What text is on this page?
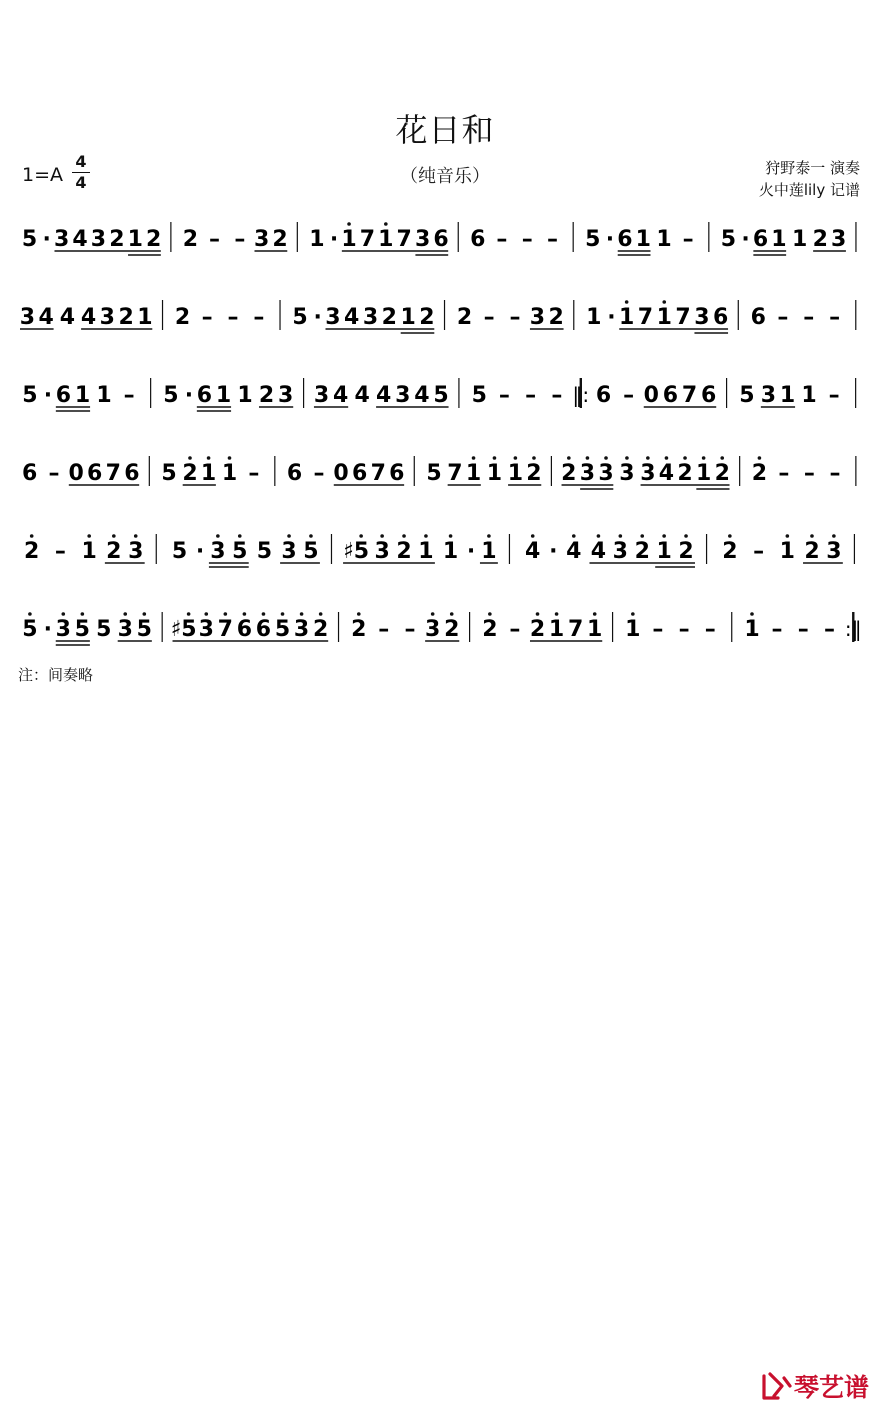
花日和
（纯音乐）
1=A
4
4
狩野泰一 演奏
火中莲lily 记谱
5 · 3 4 3 2 1 2 2 – – 3 2 1 · 1 7 1 7 3 6 6 – – – 5 · 6 1 1 – 5 · 6 1 1 2 3
3 4 4 4 3 2 1 2 – – – 5 · 3 4 3 2 1 2 2 – – 3 2 1 · 1 7 1 7 3 6 6 – – –
5 · 6 1 1 – 5 · 6 1 1 2 3 3 4 4 4 3 4 5 5 – – – ‖: 6 – 0 6 7 6 5 3 1 1 –
6 – 0 6 7 6 5 2 1 1 – 6 – 0 6 7 6 5 7 1 1 1 2 2 3 3 3 3 4 2 1 2 2 – – –
2 – 1 2 3 5 · 3 5 5 3 5 ♯5 3 2 1 1 · 1 4 · 4 4 3 2 1 2 2 – 1 2 3
5 · 3 5 5 3 5 ♯5 3 7 6 6 5 3 2 2 – – 3 2 2 – 2 1 7 1 1 – – – 1 – – – :‖
注：间奏略
琴艺谱
